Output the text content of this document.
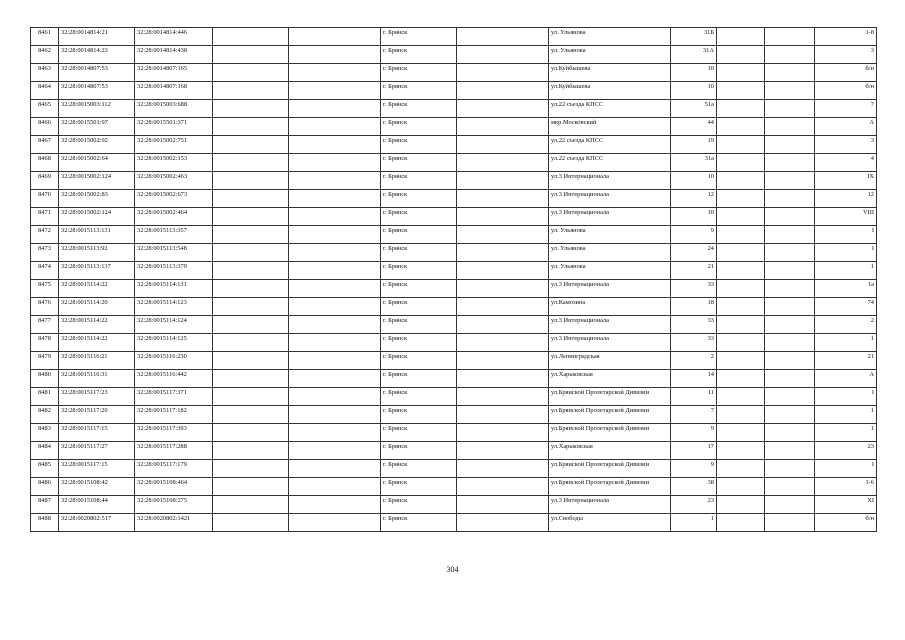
8461	32:28:0014814:21	32:28:0014814:446			г. Брянск		ул. Ульянова	31Б			1-8
8462	32:28:0014814:23	32:28:0014814:438			г. Брянск		ул. Ульянова	31А			3
8463	32:28:0014807:53	32:28:0014807:165			г. Брянск		ул.Куйбышева	10			б/н
8464	32:28:0014807:53	32:28:0014807:168			г. Брянск		ул.Куйбышева	10			б/н
8465	32:28:0015003:112	32:28:0015003:688			г. Брянск		ул.22 съезда КПСС	51а			7
8466	32:28:0015501:97	32:28:0015501:371			г. Брянск		мкр.Московский	44			А
8467	32:28:0015002:92	32:28:0015002:751			г. Брянск		ул.22 съезда КПСС	19			3
8468	32:28:0015002:64	32:28:0015002:153			г. Брянск		ул.22 съезда КПСС	31а			4
8469	32:28:0015002:124	32:28:0015002:463			г. Брянск		ул.3 Интернационала	10			IX
8470	32:28:0015002:83	32:28:0015002:673			г. Брянск		ул.3 Интернационала	12			12
8471	32:28:0015002:124	32:28:0015002:464			г. Брянск		ул.3 Интернационала	10			VIII
8472	32:28:0015113:131	32:28:0015113:357			г. Брянск		ул. Ульянова	9			I
8473	32:28:0015113:92	32:28:0015113:548			г. Брянск		ул. Ульянова	24			I
8474	32:28:0015113:137	32:28:0015113:379			г. Брянск		ул. Ульянова	21			1
8475	32:28:0015114:22	32:28:0015114:131			г. Брянск		ул.3 Интернационала	33			1а
8476	32:28:0015114:20	32:28:0015114:123			г. Брянск		ул.Камозина	18			74
8477	32:28:0015114:22	32:28:0015114:124			г. Брянск		ул.3 Интернационала	33			2
8478	32:28:0015114:22	32:28:0015114:125			г. Брянск		ул.3 Интернационала	33			1
8479	32:28:0015116:21	32:28:0015116:230			г. Брянск		ул.Ленинградская	2			21
8480	32:28:0015116:31	32:28:0015116:442			г. Брянск		ул.Харьковская	14			А
8481	32:28:0015117:23	32:28:0015117:371			г. Брянск		ул.Брянской Пролетарской Дивизии	11			I
8482	32:28:0015117:20	32:28:0015117:182			г. Брянск		ул.Брянской Пролетарской Дивизии	7			1
8483	32:28:0015117:15	32:28:0015117:393			г. Брянск		ул.Брянской Пролетарской Дивизии	9			1
8484	32:28:0015117:27	32:28:0015117:288			г. Брянск		ул.Харьковская	17			23
8485	32:28:0015117:15	32:28:0015117:179			г. Брянск		ул.Брянской Пролетарской Дивизии	9			I
8486	32:28:0015108:42	32:28:0015108:464			г. Брянск		ул.Брянской Пролетарской Дивизии	38			1-6
8487	32:28:0015108:44	32:28:0015108:275			г. Брянск		ул.3 Интернационала	23			XI
8488	32:28:0020802:517	32:28:0020802:1421			г. Брянск		ул.Свободы	1			б/н
304
